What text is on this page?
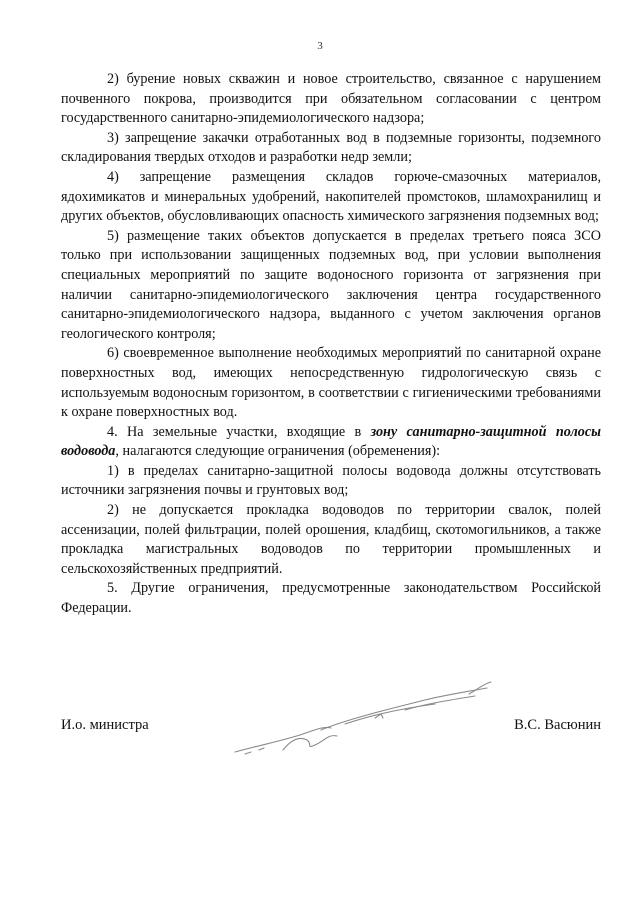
3

2) бурение новых скважин и новое строительство, связанное с нарушением почвенного покрова, производится при обязательном согласовании с центром государственного санитарно-эпидемиологического надзора;

3) запрещение закачки отработанных вод в подземные горизонты, подземного складирования твердых отходов и разработки недр земли;

4) запрещение размещения складов горюче-смазочных материалов, ядохимикатов и минеральных удобрений, накопителей промстоков, шламохранилищ и других объектов, обусловливающих опасность химического загрязнения подземных вод;

5) размещение таких объектов допускается в пределах третьего пояса ЗСО только при использовании защищенных подземных вод, при условии выполнения специальных мероприятий по защите водоносного горизонта от загрязнения при наличии санитарно-эпидемиологического заключения центра государственного санитарно-эпидемиологического надзора, выданного с учетом заключения органов геологического контроля;

6) своевременное выполнение необходимых мероприятий по санитарной охране поверхностных вод, имеющих непосредственную гидрологическую связь с используемым водоносным горизонтом, в соответствии с гигиеническими требованиями к охране поверхностных вод.

4. На земельные участки, входящие в зону санитарно-защитной полосы водовода, налагаются следующие ограничения (обременения):

1) в пределах санитарно-защитной полосы водовода должны отсутствовать источники загрязнения почвы и грунтовых вод;

2) не допускается прокладка водоводов по территории свалок, полей ассенизации, полей фильтрации, полей орошения, кладбищ, скотомогильников, а также прокладка магистральных водоводов по территории промышленных и сельскохозяйственных предприятий.

5. Другие ограничения, предусмотренные законодательством Российской Федерации.

И.о. министра	В.С. Васюнин
